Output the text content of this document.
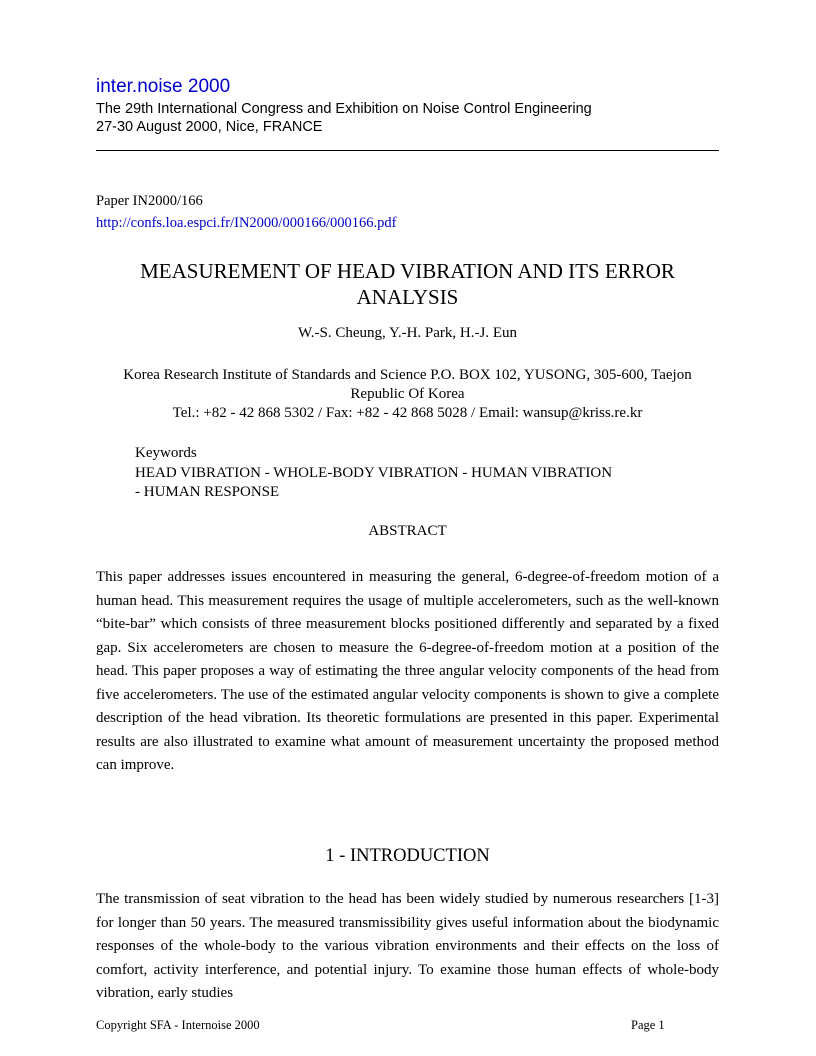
inter.noise 2000
The 29th International Congress and Exhibition on Noise Control Engineering
27-30 August 2000, Nice, FRANCE
Paper IN2000/166
http://confs.loa.espci.fr/IN2000/000166/000166.pdf
MEASUREMENT OF HEAD VIBRATION AND ITS ERROR ANALYSIS
W.-S. Cheung, Y.-H. Park, H.-J. Eun
Korea Research Institute of Standards and Science P.O. BOX 102, YUSONG, 305-600, Taejon Republic Of Korea
Tel.: +82 - 42 868 5302 / Fax: +82 - 42 868 5028 / Email: wansup@kriss.re.kr
Keywords
HEAD VIBRATION - WHOLE-BODY VIBRATION - HUMAN VIBRATION - HUMAN RESPONSE
ABSTRACT
This paper addresses issues encountered in measuring the general, 6-degree-of-freedom motion of a human head. This measurement requires the usage of multiple accelerometers, such as the well-known “bite-bar” which consists of three measurement blocks positioned differently and separated by a fixed gap. Six accelerometers are chosen to measure the 6-degree-of-freedom motion at a position of the head. This paper proposes a way of estimating the three angular velocity components of the head from five accelerometers. The use of the estimated angular velocity components is shown to give a complete description of the head vibration. Its theoretic formulations are presented in this paper. Experimental results are also illustrated to examine what amount of measurement uncertainty the proposed method can improve.
1 - INTRODUCTION
The transmission of seat vibration to the head has been widely studied by numerous researchers [1-3] for longer than 50 years. The measured transmissibility gives useful information about the biodynamic responses of the whole-body to the various vibration environments and their effects on the loss of comfort, activity interference, and potential injury. To examine those human effects of whole-body vibration, early studies
Copyright SFA - Internoise 2000	Page 1
